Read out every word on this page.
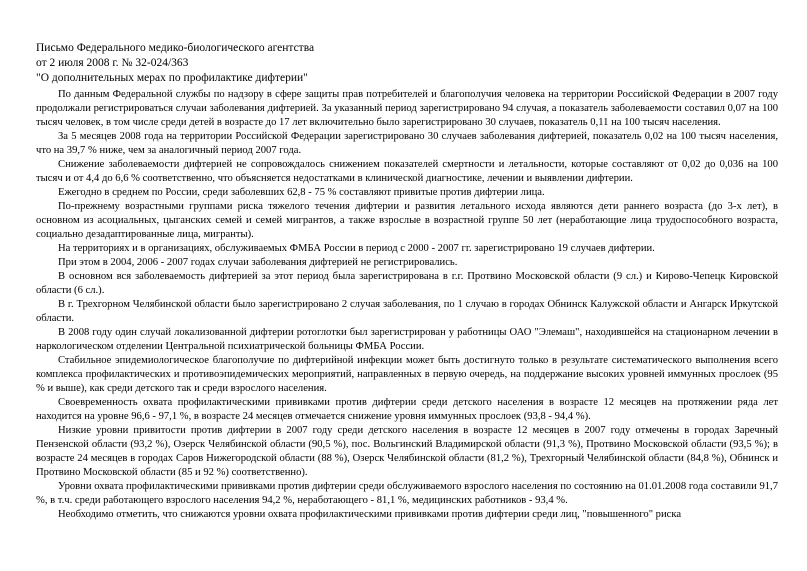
Письмо Федерального медико-биологического агентства
от 2 июля 2008 г. № 32-024/363
"О дополнительных мерах по профилактике дифтерии"

По данным Федеральной службы по надзору в сфере защиты прав потребителей и благополучия человека на территории Российской Федерации в 2007 году продолжали регистрироваться случаи заболевания дифтерией. За указанный период зарегистрировано 94 случая, а показатель заболеваемости составил 0,07 на 100 тысяч человек, в том числе среди детей в возрасте до 17 лет включительно было зарегистрировано 30 случаев, показатель 0,11 на 100 тысяч населения.

За 5 месяцев 2008 года на территории Российской Федерации зарегистрировано 30 случаев заболевания дифтерией, показатель 0,02 на 100 тысяч населения, что на 39,7 % ниже, чем за аналогичный период 2007 года.

Снижение заболеваемости дифтерией не сопровождалось снижением показателей смертности и летальности, которые составляют от 0,02 до 0,036 на 100 тысяч и от 4,4 до 6,6 % соответственно, что объясняется недостатками в клинической диагностике, лечении и выявлении дифтерии.

Ежегодно в среднем по России, среди заболевших 62,8 - 75 % составляют привитые против дифтерии лица.

По-прежнему возрастными группами риска тяжелого течения дифтерии и развития летального исхода являются дети раннего возраста (до 3-х лет), в основном из асоциальных, цыганских семей и семей мигрантов, а также взрослые в возрастной группе 50 лет (неработающие лица трудоспособного возраста, социально дезадаптированные лица, мигранты).

На территориях и в организациях, обслуживаемых ФМБА России в период с 2000 - 2007 гг. зарегистрировано 19 случаев дифтерии.

При этом в 2004, 2006 - 2007 годах случаи заболевания дифтерией не регистрировались.

В основном вся заболеваемость дифтерией за этот период была зарегистрирована в г.г. Протвино Московской области (9 сл.) и Кирово-Чепецк Кировской области (6 сл.).

В г. Трехгорном Челябинской области было зарегистрировано 2 случая заболевания, по 1 случаю в городах Обнинск Калужской области и Ангарск Иркутской области.

В 2008 году один случай локализованной дифтерии ротоглотки был зарегистрирован у работницы ОАО "Элемаш", находившейся на стационарном лечении в наркологическом отделении Центральной психиатрической больницы ФМБА России.

Стабильное эпидемиологическое благополучие по дифтерийной инфекции может быть достигнуто только в результате систематического выполнения всего комплекса профилактических и противоэпидемических мероприятий, направленных в первую очередь, на поддержание высоких уровней иммунных прослоек (95 % и выше), как среди детского так и среди взрослого населения.

Своевременность охвата профилактическими прививками против дифтерии среди детского населения в возрасте 12 месяцев на протяжении ряда лет находится на уровне 96,6 - 97,1 %, в возрасте 24 месяцев отмечается снижение уровня иммунных прослоек (93,8 - 94,4 %).

Низкие уровни привитости против дифтерии в 2007 году среди детского населения в возрасте 12 месяцев в 2007 году отмечены в городах Заречный Пензенской области (93,2 %), Озерск Челябинской области (90,5 %), пос. Вольгинский Владимирской области (91,3 %), Протвино Московской области (93,5 %); в возрасте 24 месяцев в городах Саров Нижегородской области (88 %), Озерск Челябинской области (81,2 %), Трехгорный Челябинской области (84,8 %), Обнинск и Протвино Московской области (85 и 92 %) соответственно).

Уровни охвата профилактическими прививками против дифтерии среди обслуживаемого взрослого населения по состоянию на 01.01.2008 года составили 91,7 %, в т.ч. среди работающего взрослого населения 94,2 %, неработающего - 81,1 %, медицинских работников - 93,4 %.

Необходимо отметить, что снижаются уровни охвата профилактическими прививками против дифтерии среди лиц, "повышенного" риска
